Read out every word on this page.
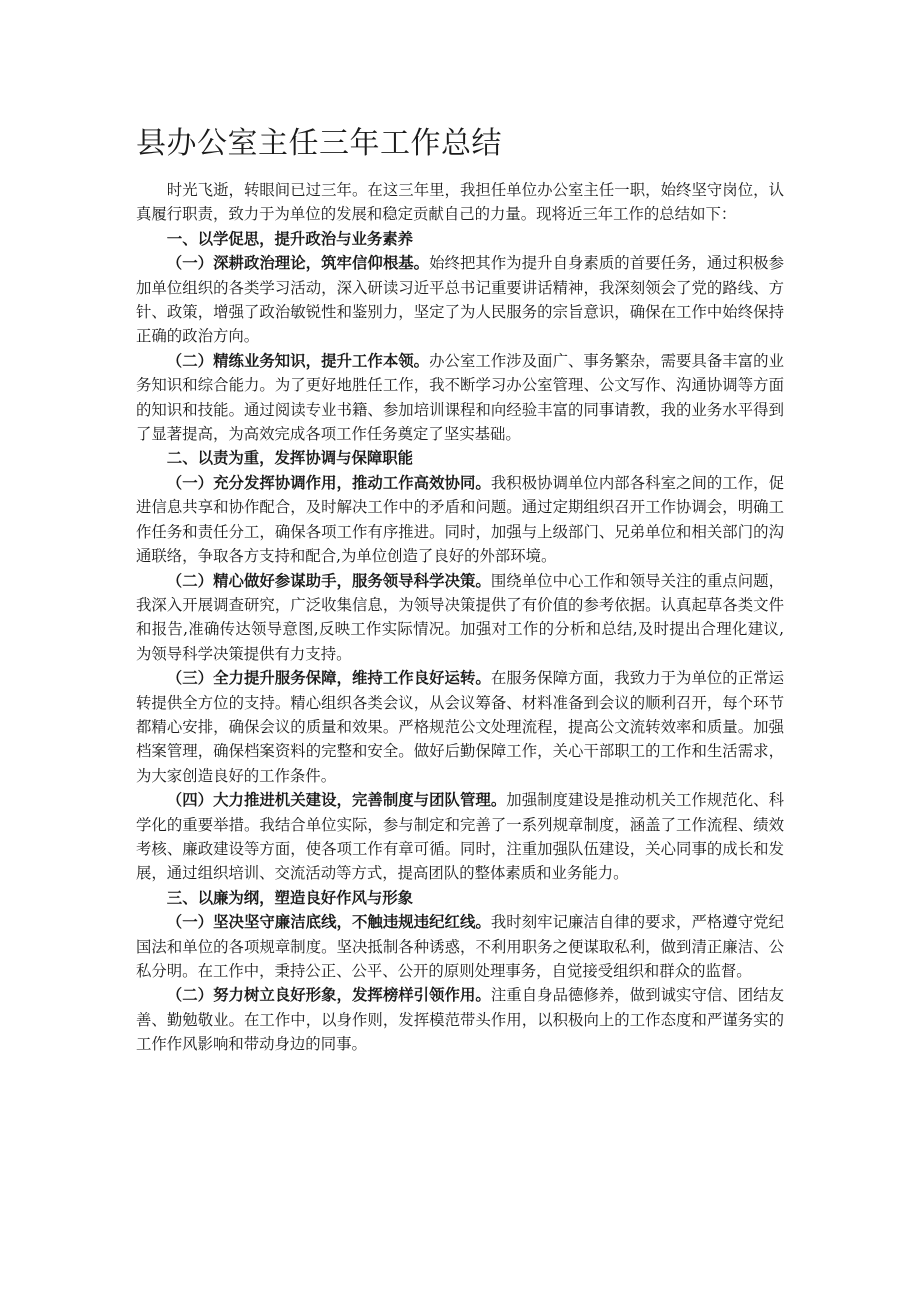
县办公室主任三年工作总结

时光飞逝，转眼间已过三年。在这三年里，我担任单位办公室主任一职，始终坚守岗位，认真履行职责，致力于为单位的发展和稳定贡献自己的力量。现将近三年工作的总结如下：

一、以学促思，提升政治与业务素养

（一）深耕政治理论，筑牢信仰根基。始终把其作为提升自身素质的首要任务，通过积极参加单位组织的各类学习活动，深入研读习近平总书记重要讲话精神，我深刻领会了党的路线、方针、政策，增强了政治敏锐性和鉴别力，坚定了为人民服务的宗旨意识，确保在工作中始终保持正确的政治方向。

（二）精练业务知识，提升工作本领。办公室工作涉及面广、事务繁杂，需要具备丰富的业务知识和综合能力。为了更好地胜任工作，我不断学习办公室管理、公文写作、沟通协调等方面的知识和技能。通过阅读专业书籍、参加培训课程和向经验丰富的同事请教，我的业务水平得到了显著提高，为高效完成各项工作任务奠定了坚实基础。

二、以责为重，发挥协调与保障职能

（一）充分发挥协调作用，推动工作高效协同。我积极协调单位内部各科室之间的工作，促进信息共享和协作配合，及时解决工作中的矛盾和问题。通过定期组织召开工作协调会，明确工作任务和责任分工，确保各项工作有序推进。同时，加强与上级部门、兄弟单位和相关部门的沟通联络，争取各方支持和配合,为单位创造了良好的外部环境。

（二）精心做好参谋助手，服务领导科学决策。围绕单位中心工作和领导关注的重点问题，我深入开展调查研究，广泛收集信息，为领导决策提供了有价值的参考依据。认真起草各类文件和报告,准确传达领导意图,反映工作实际情况。加强对工作的分析和总结,及时提出合理化建议,为领导科学决策提供有力支持。

（三）全力提升服务保障，维持工作良好运转。在服务保障方面，我致力于为单位的正常运转提供全方位的支持。精心组织各类会议，从会议筹备、材料准备到会议的顺利召开，每个环节都精心安排，确保会议的质量和效果。严格规范公文处理流程，提高公文流转效率和质量。加强档案管理，确保档案资料的完整和安全。做好后勤保障工作，关心干部职工的工作和生活需求，为大家创造良好的工作条件。

（四）大力推进机关建设，完善制度与团队管理。加强制度建设是推动机关工作规范化、科学化的重要举措。我结合单位实际，参与制定和完善了一系列规章制度，涵盖了工作流程、绩效考核、廉政建设等方面，使各项工作有章可循。同时，注重加强队伍建设，关心同事的成长和发展，通过组织培训、交流活动等方式，提高团队的整体素质和业务能力。

三、以廉为纲，塑造良好作风与形象

（一）坚决坚守廉洁底线，不触违规违纪红线。我时刻牢记廉洁自律的要求，严格遵守党纪国法和单位的各项规章制度。坚决抵制各种诱惑，不利用职务之便谋取私利，做到清正廉洁、公私分明。在工作中，秉持公正、公平、公开的原则处理事务，自觉接受组织和群众的监督。

（二）努力树立良好形象，发挥榜样引领作用。注重自身品德修养，做到诚实守信、团结友善、勤勉敬业。在工作中，以身作则，发挥模范带头作用，以积极向上的工作态度和严谨务实的工作作风影响和带动身边的同事。
